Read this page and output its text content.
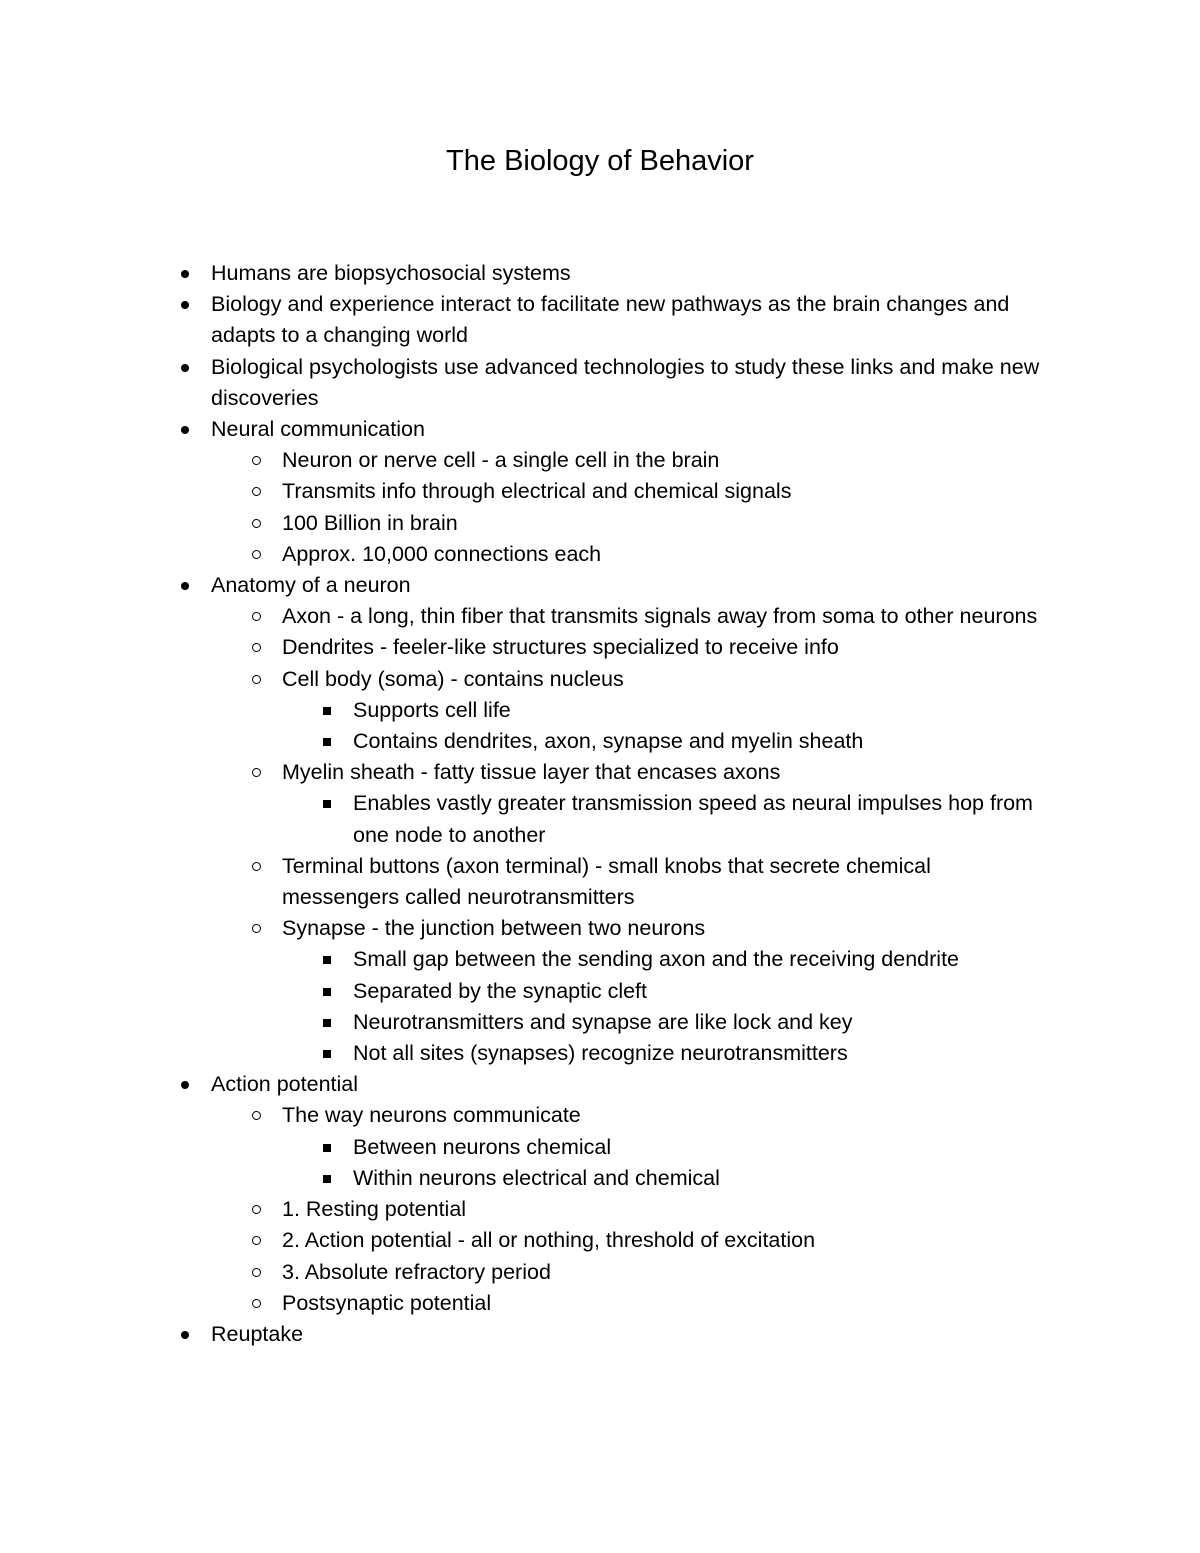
The Biology of Behavior
Humans are biopsychosocial systems
Biology and experience interact to facilitate new pathways as the brain changes and adapts to a changing world
Biological psychologists use advanced technologies to study these links and make new discoveries
Neural communication
Neuron or nerve cell - a single cell in the brain
Transmits info through electrical and chemical signals
100 Billion in brain
Approx. 10,000 connections each
Anatomy of a neuron
Axon - a long, thin fiber that transmits signals away from soma to other neurons
Dendrites - feeler-like structures specialized to receive info
Cell body (soma) - contains nucleus
Supports cell life
Contains dendrites, axon, synapse and myelin sheath
Myelin sheath - fatty tissue layer that encases axons
Enables vastly greater transmission speed as neural impulses hop from one node to another
Terminal buttons (axon terminal) - small knobs that secrete chemical messengers called neurotransmitters
Synapse - the junction between two neurons
Small gap between the sending axon and the receiving dendrite
Separated by the synaptic cleft
Neurotransmitters and synapse are like lock and key
Not all sites (synapses) recognize neurotransmitters
Action potential
The way neurons communicate
Between neurons chemical
Within neurons electrical and chemical
1. Resting potential
2. Action potential - all or nothing, threshold of excitation
3. Absolute refractory period
Postsynaptic potential
Reuptake
